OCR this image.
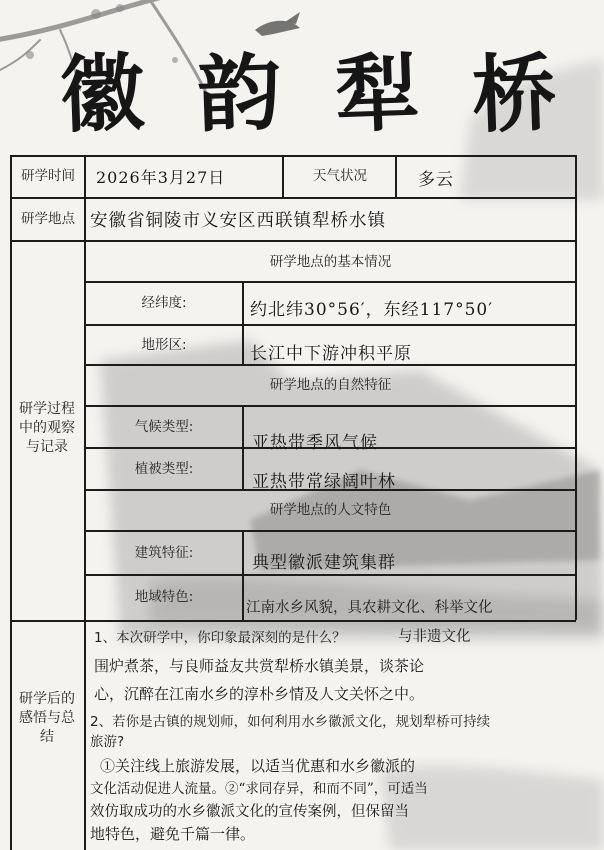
徽 韵 犁 桥
研学时间	2026年3月27日	天气状况	多云
研学地点 安徽省铜陵市义安区西联镇犁桥水镇
研学过程中的观察与记录
研学地点的基本情况
经纬度:	约北纬30°56′，东经117°50′
地形区:	长江中下游冲积平原
研学地点的自然特征
气候类型:
亚热带季风气候
植被类型:
亚热带常绿阔叶林
研学地点的人文特色
建筑特征:	典型徽派建筑集群
地域特色:
江南水乡风貌，具农耕文化、科举文化
研学后的感悟与总结
1、本次研学中，你印象最深刻的是什么？	与非遗文化
围炉煮茶，与良师益友共赏犁桥水镇美景，谈茶论
心，沉醉在江南水乡的淳朴乡情及人文关怀之中。
2、若你是古镇的规划师，如何利用水乡徽派文化，规划犁桥可持续
旅游?
①关注线上旅游发展，以适当优惠和水乡徽派的
文化活动促进人流量。②“求同存异，和而不同”，可适当
效仿取成功的水乡徽派文化的宣传案例，但保留当
地特色，避免千篇一律。
